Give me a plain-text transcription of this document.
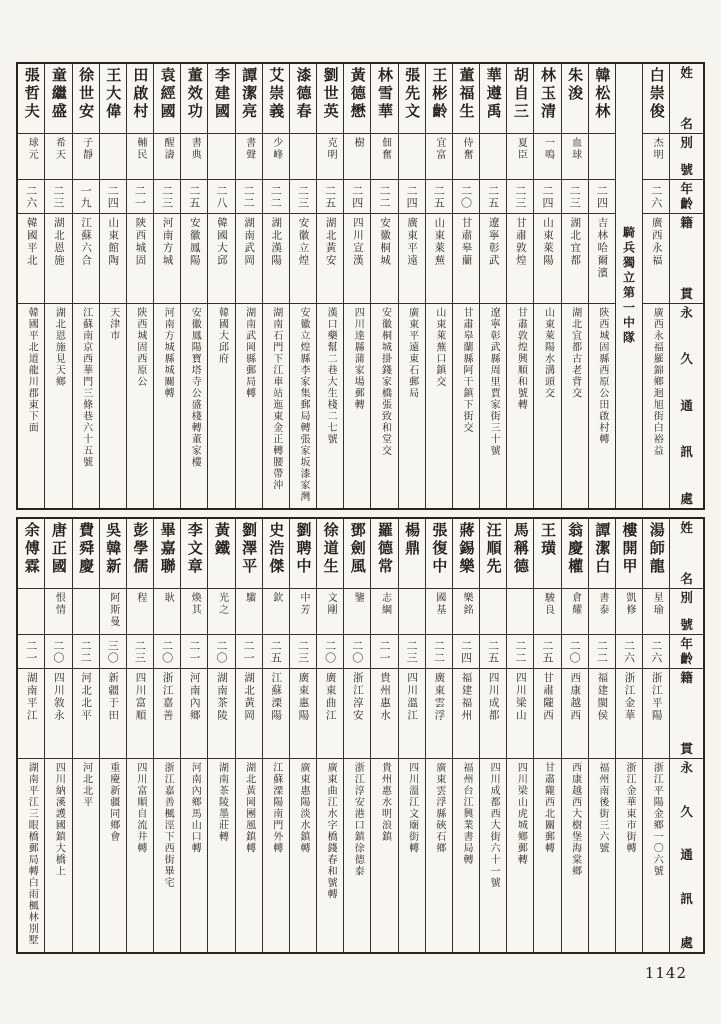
姓
名
別
號
年
齡
籍
貫
永
久
通
訊
處
白崇俊
杰明
二六
廣西永福
廣西永福羅錦鄉迴旭街白裕益
騎兵獨立第一中隊
韓松林
二四
吉林哈爾濱
陝西城固縣西原公田啟村轉
朱浚
血球
二三
湖北宜都
湖北宜都古老背交
林玉清
一鳴
二四
山東萊陽
山東萊陽水溝頭交
胡自三
夏臣
二三
甘肅敦煌
甘肅敦煌興順和號轉
華遵禹
二五
遼寧彰武
遼寧彰武縣周里賈家街三十號
董福生
侍奮
二〇
甘肅皋蘭
甘肅皋蘭縣阿干鎮下街交
王彬齡
宜富
二五
山東萊蕪
山東萊蕪口鎮交
張先文
二四
廣東平遠
廣東平遠東石郵局
林雪華
佃奮
二二
安徽桐城
安徽桐城掛錢家橋張致和堂交
黃德懋
樹
二四
四川宣漢
四川達縣蒲家場郵轉
劉世英
克明
二五
湖北黃安
漢口藥幫二巷大生棧二七號
漆德春
二三
安徽立煌
安徽立煌縣李家集郵局轉張家坂漆家灣
艾崇義
少峰
二二
湖北漢陽
湖南石門下江車站迤東金正轉腰帶沖
譚潔亮
書聲
二二
湖南武岡
湖南武岡縣郵局轉
李建國
二八
韓國大邱
韓國大邱府
董效功
書典
二五
安徽鳳陽
安徽鳳陽寶塔寺公盛棧轉董家樓
袁經國
醒濤
二三
河南方城
河南方城縣城關轉
田啟村
輔民
二一
陝西城固
陝西城固西原公
王大偉
二四
山東館陶
天津市
徐世安
子靜
一九
江蘇六合
江蘇南京西華門三條巷六十五號
童繼盛
希天
二三
湖北恩施
湖北恩施見天鄉
張哲夫
球元
二六
韓國平北
韓國平北道龍川郡東下面
姓
名
別
號
年
齡
籍
貫
永
久
通
訊
處
湯師龍
星瑜
二六
浙江平陽
浙江平陽金鄉一〇六號
樓開甲
凱修
二六
浙江金華
浙江金華東市街轉
譚潔白
書泰
二二
福建閩侯
福州南後街三六號
翁慶權
倉耀
二〇
西康越西
西康越西大樹堡海棠鄉
王璜
駿良
二五
甘肅隴西
甘肅隴西北關郵轉
馬稱德
二二
四川梁山
四川梁山虎城鄉郵轉
汪順先
二五
四川成都
四川成都西大街六十一號
蔣錫樂
樂銘
二四
福建福州
福州台江興業書局轉
張復中
國基
二二
廣東雲浮
廣東雲浮縣硤石鄉
楊鼎
二三
四川溫江
四川溫江文廟街轉
羅德常
志綱
二一
貴州惠水
貴州惠水明浪鎮
鄧劍風
鑒
二〇
浙江淳安
浙江淳安港口鎮徐德泰
徐道生
文剛
二〇
廣東曲江
廣東曲江水字橋錢春和號轉
劉聘中
中芳
二三
廣東惠陽
廣東惠陽淡水鎮轉
史浩傑
欽
二五
江蘇溧陽
江蘇溧陽南門外轉
劉澤平
騮
二一
湖北黃岡
湖北黃岡團風鎮轉
黃鐵
光之
二〇
湖南茶陵
湖南茶陵墨莊轉
李文章
煥其
二一
河南內鄉
河南內鄉馬山口轉
畢嘉聯
耿
二〇
浙江嘉善
浙江嘉善楓涇下西街畢宅
彭學儒
程
二三
四川富順
四川富順自流井轉
吳韓新
阿斯曼
三〇
新疆于田
重慶新疆同鄉會
費舜慶
二二
河北北平
河北北平
唐正國
恨情
二〇
四川敘永
四川納溪護國鎮大橋上
余傅霖
二一
湖南平江
湖南平江三眼橋郵局轉白雨楓林別墅
1142
